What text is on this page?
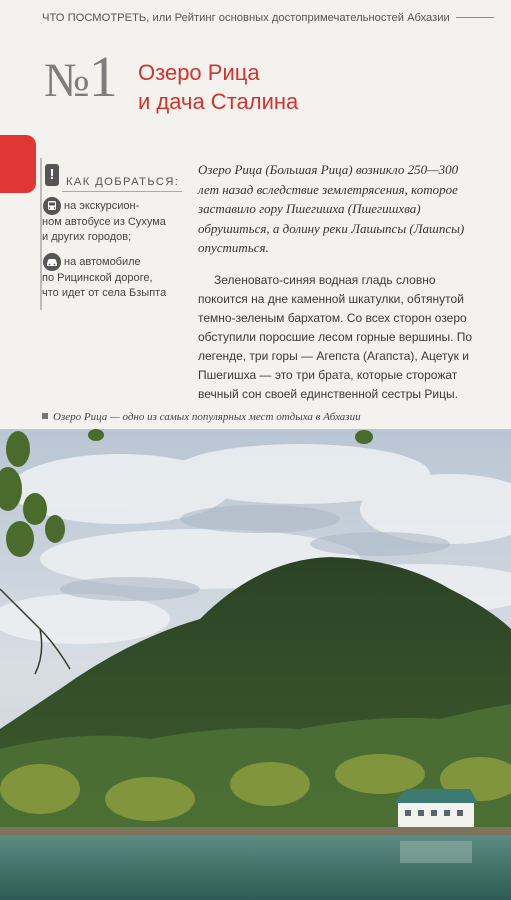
ЧТО ПОСМОТРЕТЬ, или Рейтинг основных достопримечательностей Абхазии
№1 Озеро Рица
и дача Сталина
!	КАК ДОБРАТЬСЯ:
на экскурсион-
ном автобусе из Сухума
и других городов;
на автомобиле
по Рицинской дороге,
что идет от села Бзыпта
Озеро Рица (Большая Рица) возникло 250—300 лет назад вследствие землетрясения, которое заставило гору Пшегишха (Пшегишхва) обрушиться, а долину реки Лашыпсы (Лашпсы) опуститься.
Зеленовато-синяя водная гладь словно покоится на дне каменной шкатулки, обтянутой темно-зеленым бархатом. Со всех сторон озеро обступили поросшие лесом горные вершины. По легенде, три горы — Агепста (Агапста), Ацетук и Пшегишха — это три брата, которые сторожат вечный сон своей единственной сестры Рицы.
Озеро Рица — одно из самых популярных мест отдыха в Абхазии
